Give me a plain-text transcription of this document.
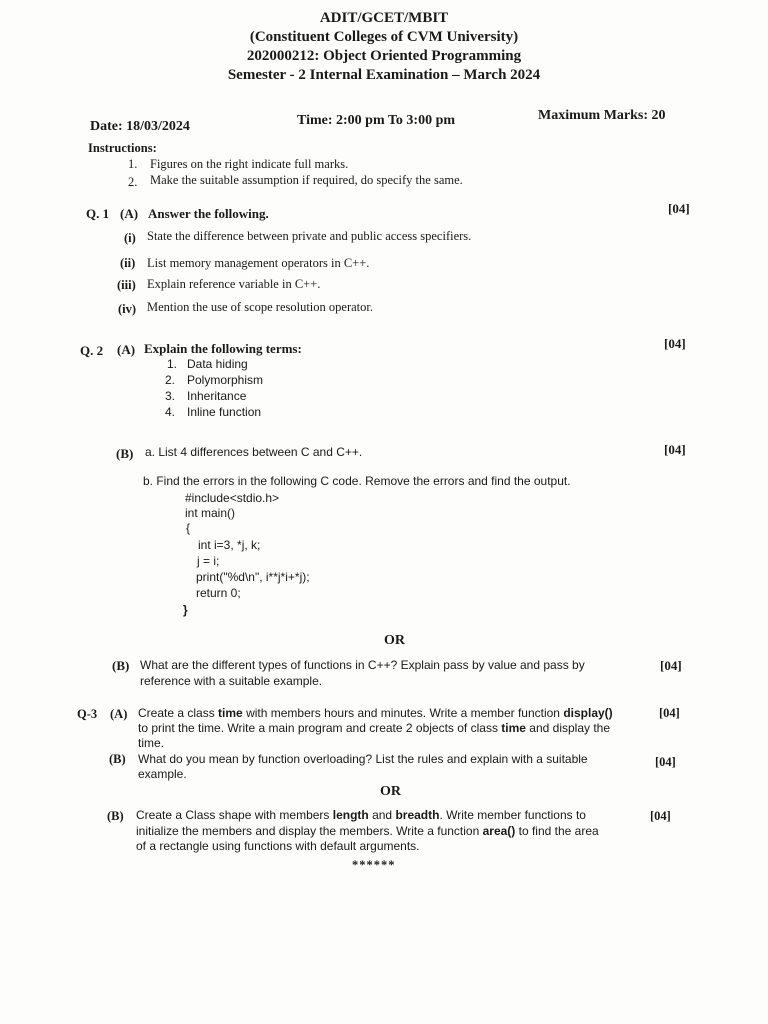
ADIT/GCET/MBIT
(Constituent Colleges of CVM University)
202000212: Object Oriented Programming
Semester - 2 Internal Examination – March 2024
Date: 18/03/2024	Time: 2:00 pm To 3:00 pm	Maximum Marks: 20
Instructions:
1. Figures on the right indicate full marks.
2. Make the suitable assumption if required, do specify the same.
Q. 1 (A) Answer the following.	[04]
(i) State the difference between private and public access specifiers.
(ii) List memory management operators in C++.
(iii) Explain reference variable in C++.
(iv) Mention the use of scope resolution operator.
Q. 2 (A) Explain the following terms:	[04]
1. Data hiding
2. Polymorphism
3. Inheritance
4. Inline function
(B) a. List 4 differences between C and C++.	[04]
b. Find the errors in the following C code. Remove the errors and find the output.
#include<stdio.h>
int main()
{
int i=3, *j, k;
j = i;
print("%d\n", i**j*i+*j);
return 0;
}
OR
(B) What are the different types of functions in C++? Explain pass by value and pass by
reference with a suitable example.
[04]
Q-3 (A) Create a class time with members hours and minutes. Write a member function display()	[04]
to print the time. Write a main program and create 2 objects of class time and display the
time.
(B) What do you mean by function overloading? List the rules and explain with a suitable	[04]
example.
OR
(B) Create a Class shape with members length and breadth. Write member functions to	[04]
initialize the members and display the members. Write a function area() to find the area
of a rectangle using functions with default arguments.
******
